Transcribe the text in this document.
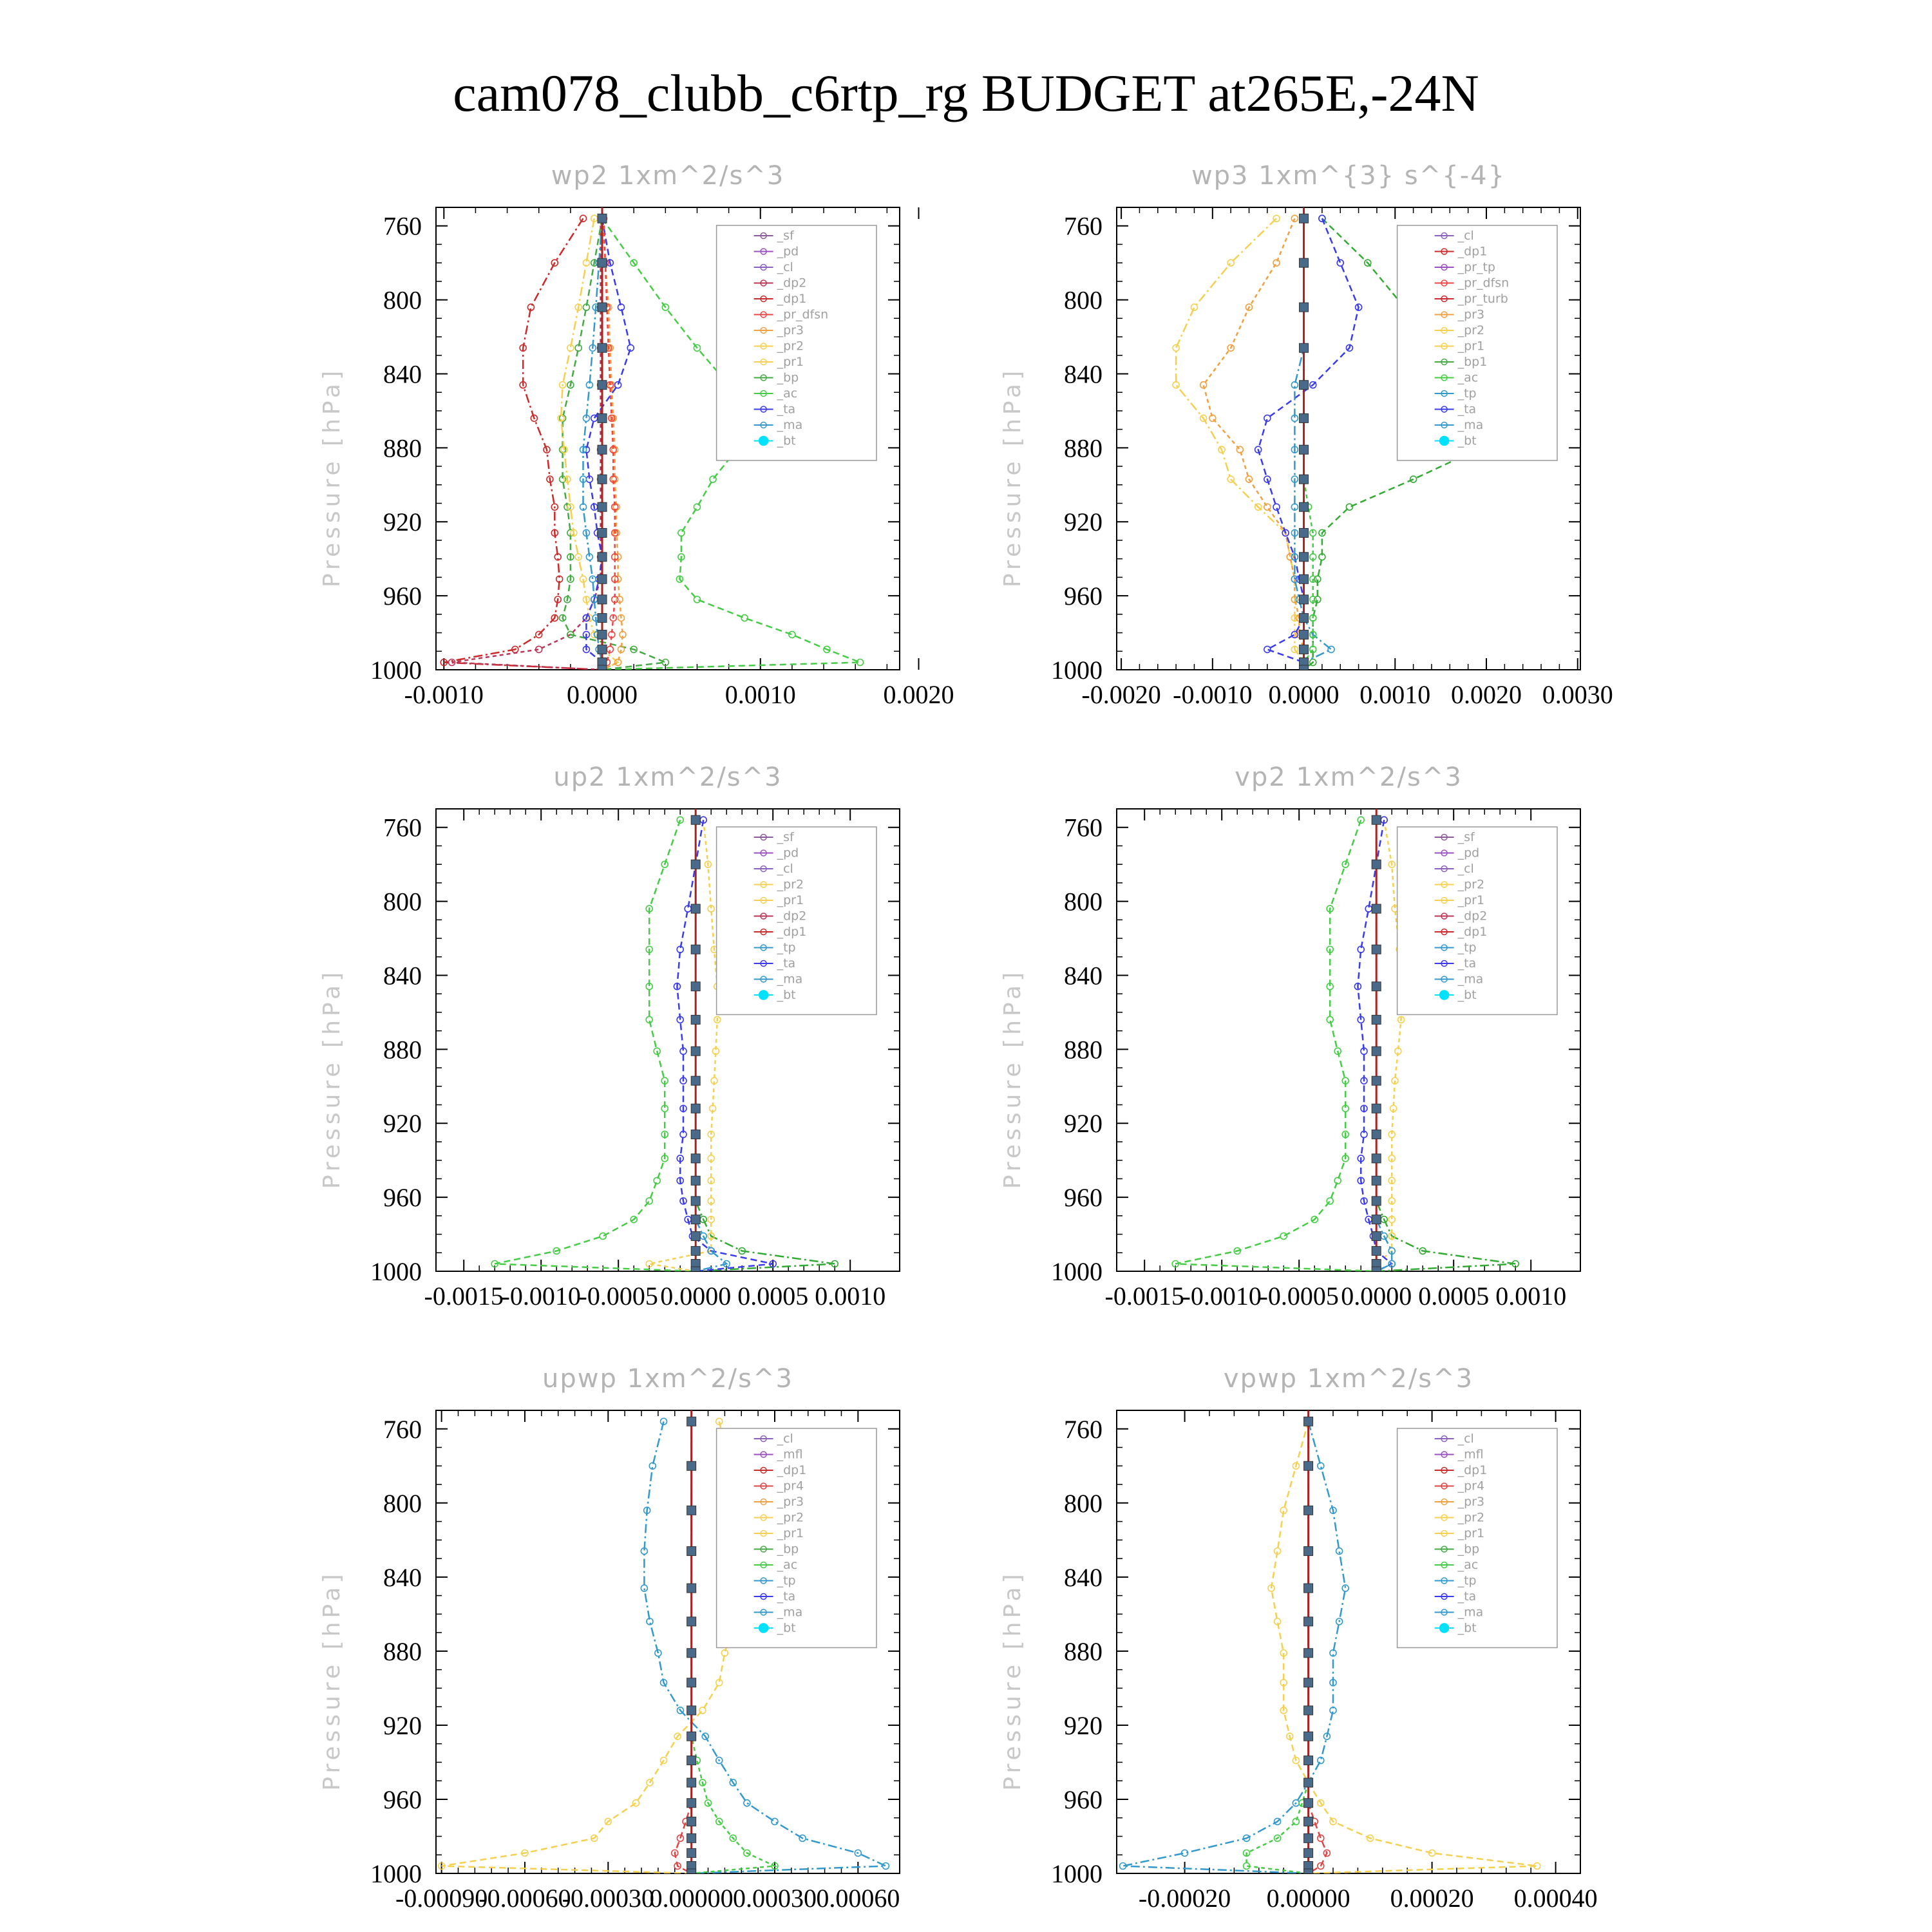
cam078_clubb_c6rtp_rg BUDGET at265E,-24N
wp2 1xm^2/s^3
Pressure [hPa]
760
800
840
880
920
960
1000
-0.0010	0.0000	0.0010	0.0020
_sf
_pd
_cl
_dp2
_dp1
_pr_dfsn
_pr3
_pr2
_pr1
_bp
_ac
_ta
_ma
_bt
wp3 1xm^{3} s^{-4}
Pressure [hPa]
760
800
840
880
920
960
1000
-0.0020 -0.0010 0.0000 0.0010 0.0020 0.0030
_cl
_dp1
_pr_tp
_pr_dfsn
_pr_turb
_pr3
_pr2
_pr1
_bp1
_ac
_tp
_ta
_ma
_bt
up2 1xm^2/s^3
Pressure [hPa]
760
800
840
880
920
960
1000
-0.0015
-0.0010
-0.0005 0.0000 0.0005 0.0010
_sf
_pd
_cl
_pr2
_pr1
_dp2
_dp1
_tp
_ta
_ma
_bt
vp2 1xm^2/s^3
Pressure [hPa]
760
800
840
880
920
960
1000
-0.0015
-0.0010
-0.0005 0.0000 0.0005 0.0010
_sf
_pd
_cl
_pr2
_pr1
_dp2
_dp1
_tp
_ta
_ma
_bt
upwp 1xm^2/s^3
Pressure [hPa]
760
800
840
880
920
960
1000
-0.00090
-0.00060
-0.00030
0.00000 0.00030 0.00060
_cl
_mfl
_dp1
_pr4
_pr3
_pr2
_pr1
_bp
_ac
_tp
_ta
_ma
_bt
vpwp 1xm^2/s^3
Pressure [hPa]
760
800
840
880
920
960
1000
-0.00020 0.00000 0.00020 0.00040
_cl
_mfl
_dp1
_pr4
_pr3
_pr2
_pr1
_bp
_ac
_tp
_ta
_ma
_bt
